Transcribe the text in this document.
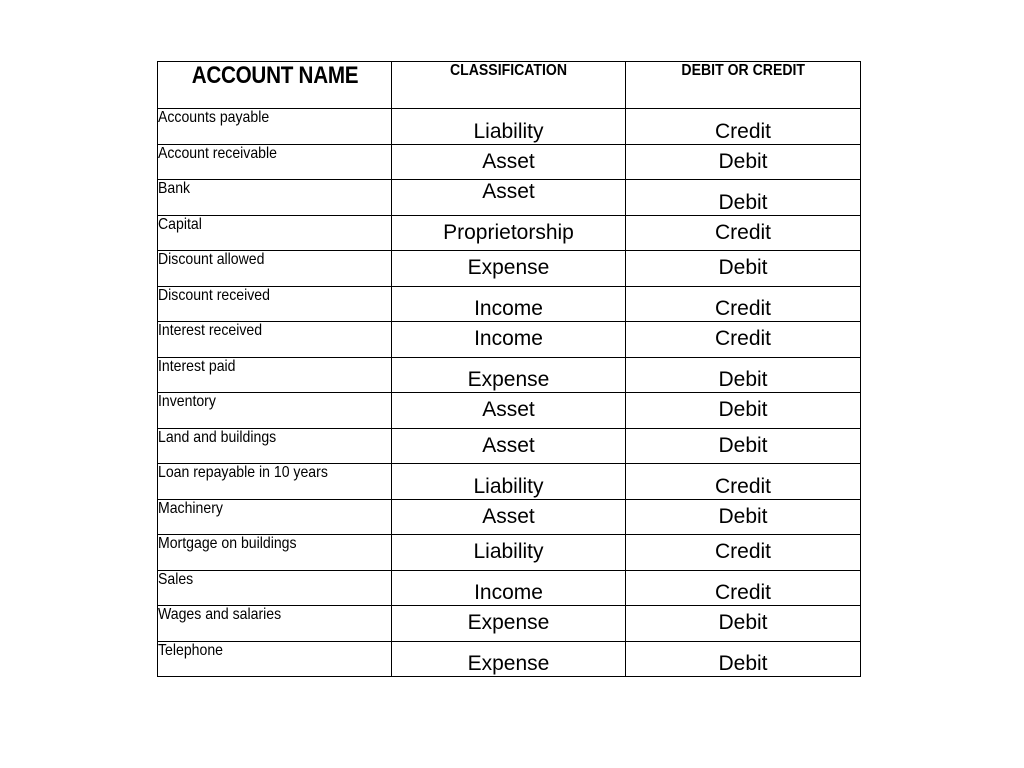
ACCOUNT NAME	CLASSIFICATION	DEBIT OR CREDIT
Accounts payable	Liability	Credit
Account receivable	Asset	Debit
Bank	Asset	Debit
Capital	Proprietorship	Credit
Discount allowed	Expense	Debit
Discount received	Income	Credit
Interest received	Income	Credit
Interest paid	Expense	Debit
Inventory	Asset	Debit
Land and buildings	Asset	Debit
Loan repayable in 10 years	Liability	Credit
Machinery	Asset	Debit
Mortgage on buildings	Liability	Credit
Sales	Income	Credit
Wages and salaries	Expense	Debit
Telephone	Expense	Debit
